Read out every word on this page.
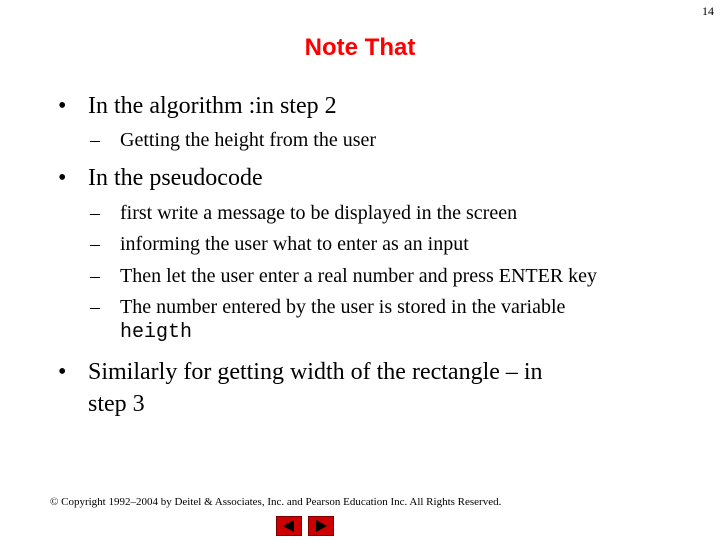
14
Note That
• In the algorithm :in step 2
– Getting the height from the user
• In the pseudocode
– first write a message to be displayed in the screen
– informing the user what to enter as an input
– Then let the user enter a real number and press ENTER key
– The number entered by the user is stored in the variable
heigth
• Similarly for getting width of the rectangle – in
step 3
© Copyright 1992–2004 by Deitel & Associates, Inc. and Pearson Education Inc. All Rights Reserved.
